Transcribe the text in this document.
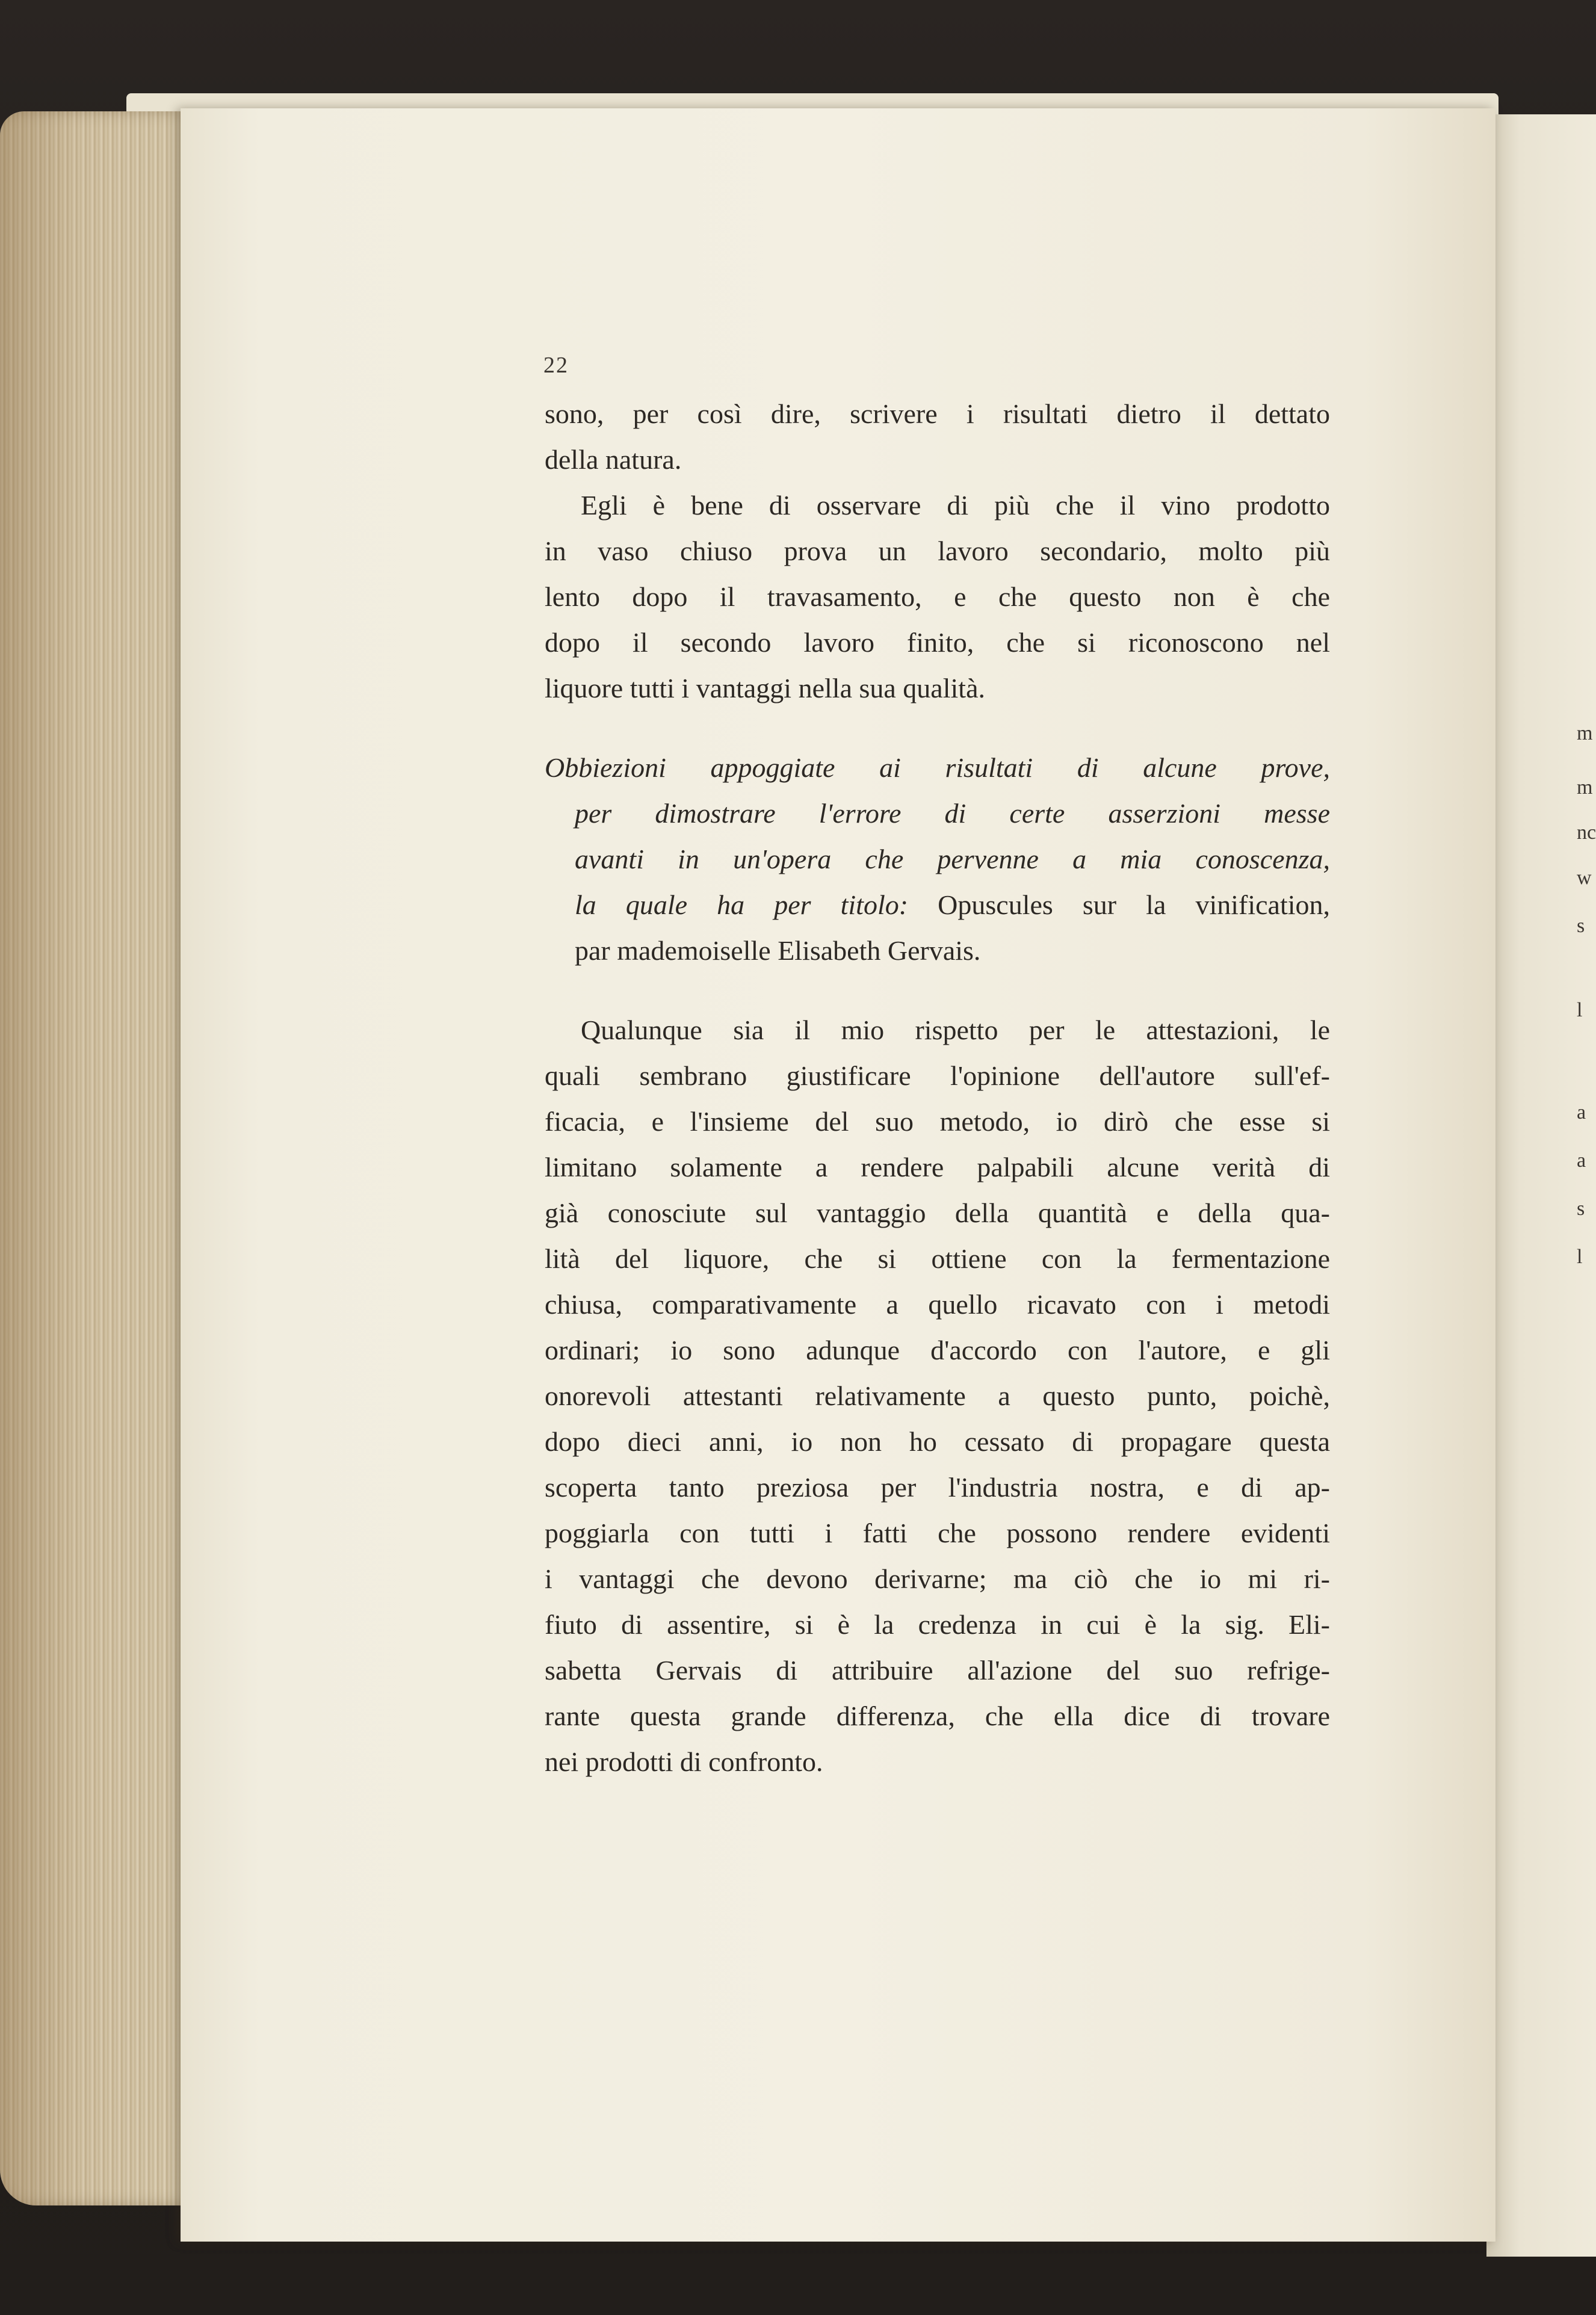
m
m
nc
w
s
l
a
a
s
l
22
sono, per così dire, scrivere i risultati dietro il dettato
della natura.
Egli è bene di osservare di più che il vino prodotto
in vaso chiuso prova un lavoro secondario, molto più
lento dopo il travasamento, e che questo non è che
dopo il secondo lavoro finito, che si riconoscono nel
liquore tutti i vantaggi nella sua qualità.
Obbiezioni appoggiate ai risultati di alcune prove,
per dimostrare l'errore di certe asserzioni messe
avanti in un'opera che pervenne a mia conoscenza,
la quale ha per titolo: Opuscules sur la vinification,
par mademoiselle Elisabeth Gervais.
Qualunque sia il mio rispetto per le attestazioni, le
quali sembrano giustificare l'opinione dell'autore sull'ef-
ficacia, e l'insieme del suo metodo, io dirò che esse si
limitano solamente a rendere palpabili alcune verità di
già conosciute sul vantaggio della quantità e della qua-
lità del liquore, che si ottiene con la fermentazione
chiusa, comparativamente a quello ricavato con i metodi
ordinari; io sono adunque d'accordo con l'autore, e gli
onorevoli attestanti relativamente a questo punto, poichè,
dopo dieci anni, io non ho cessato di propagare questa
scoperta tanto preziosa per l'industria nostra, e di ap-
poggiarla con tutti i fatti che possono rendere evidenti
i vantaggi che devono derivarne; ma ciò che io mi ri-
fiuto di assentire, si è la credenza in cui è la sig. Eli-
sabetta Gervais di attribuire all'azione del suo refrige-
rante questa grande differenza, che ella dice di trovare
nei prodotti di confronto.
